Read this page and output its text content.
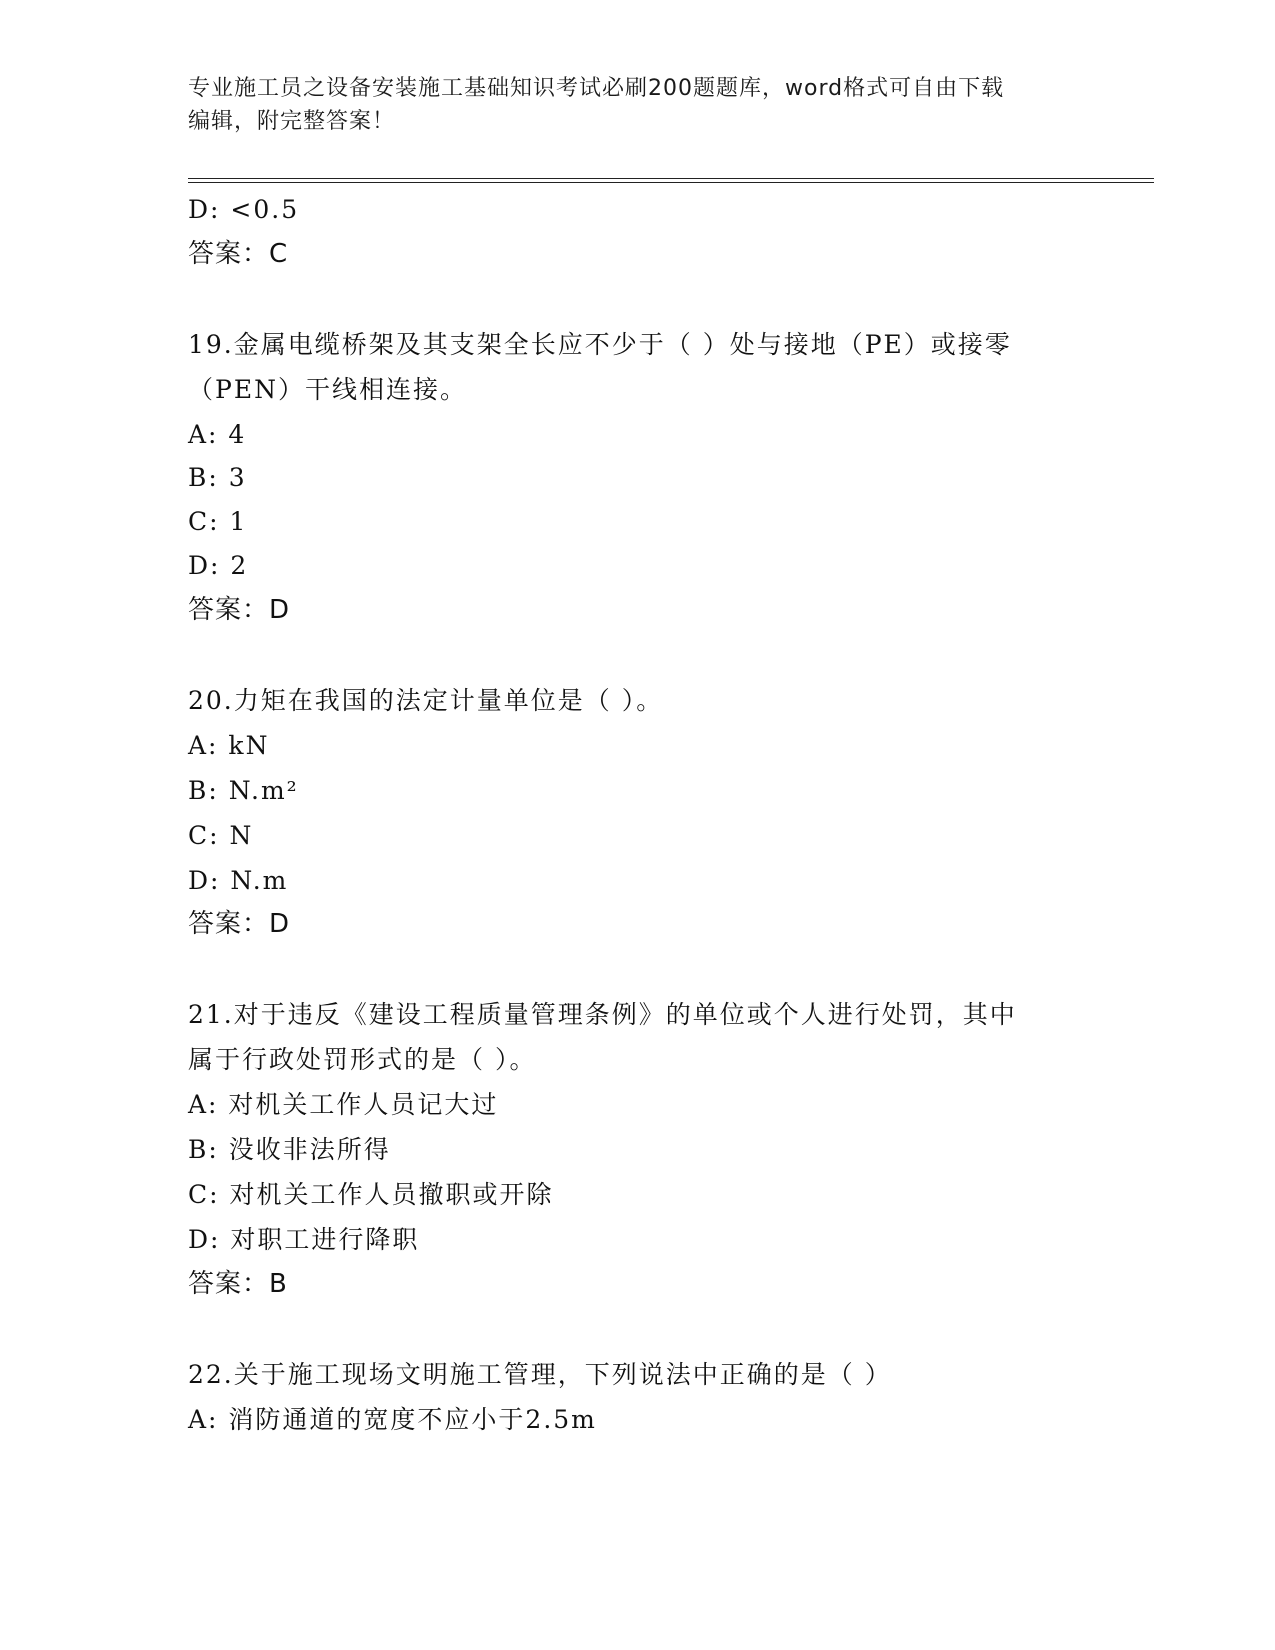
专业施工员之设备安装施工基础知识考试必刷200题题库，word格式可自由下载
编辑，附完整答案！
D: <0.5
答案：C
19.金属电缆桥架及其支架全长应不少于（ ）处与接地（PE）或接零
（PEN）干线相连接。
A: 4
B: 3
C: 1
D: 2
答案：D
20.力矩在我国的法定计量单位是（ ）。
A: kN
B: N.m²
C: N
D: N.m
答案：D
21.对于违反《建设工程质量管理条例》的单位或个人进行处罚，其中
属于行政处罚形式的是（ ）。
A: 对机关工作人员记大过
B: 没收非法所得
C: 对机关工作人员撤职或开除
D: 对职工进行降职
答案：B
22.关于施工现场文明施工管理，下列说法中正确的是（ ）
A: 消防通道的宽度不应小于2.5m
